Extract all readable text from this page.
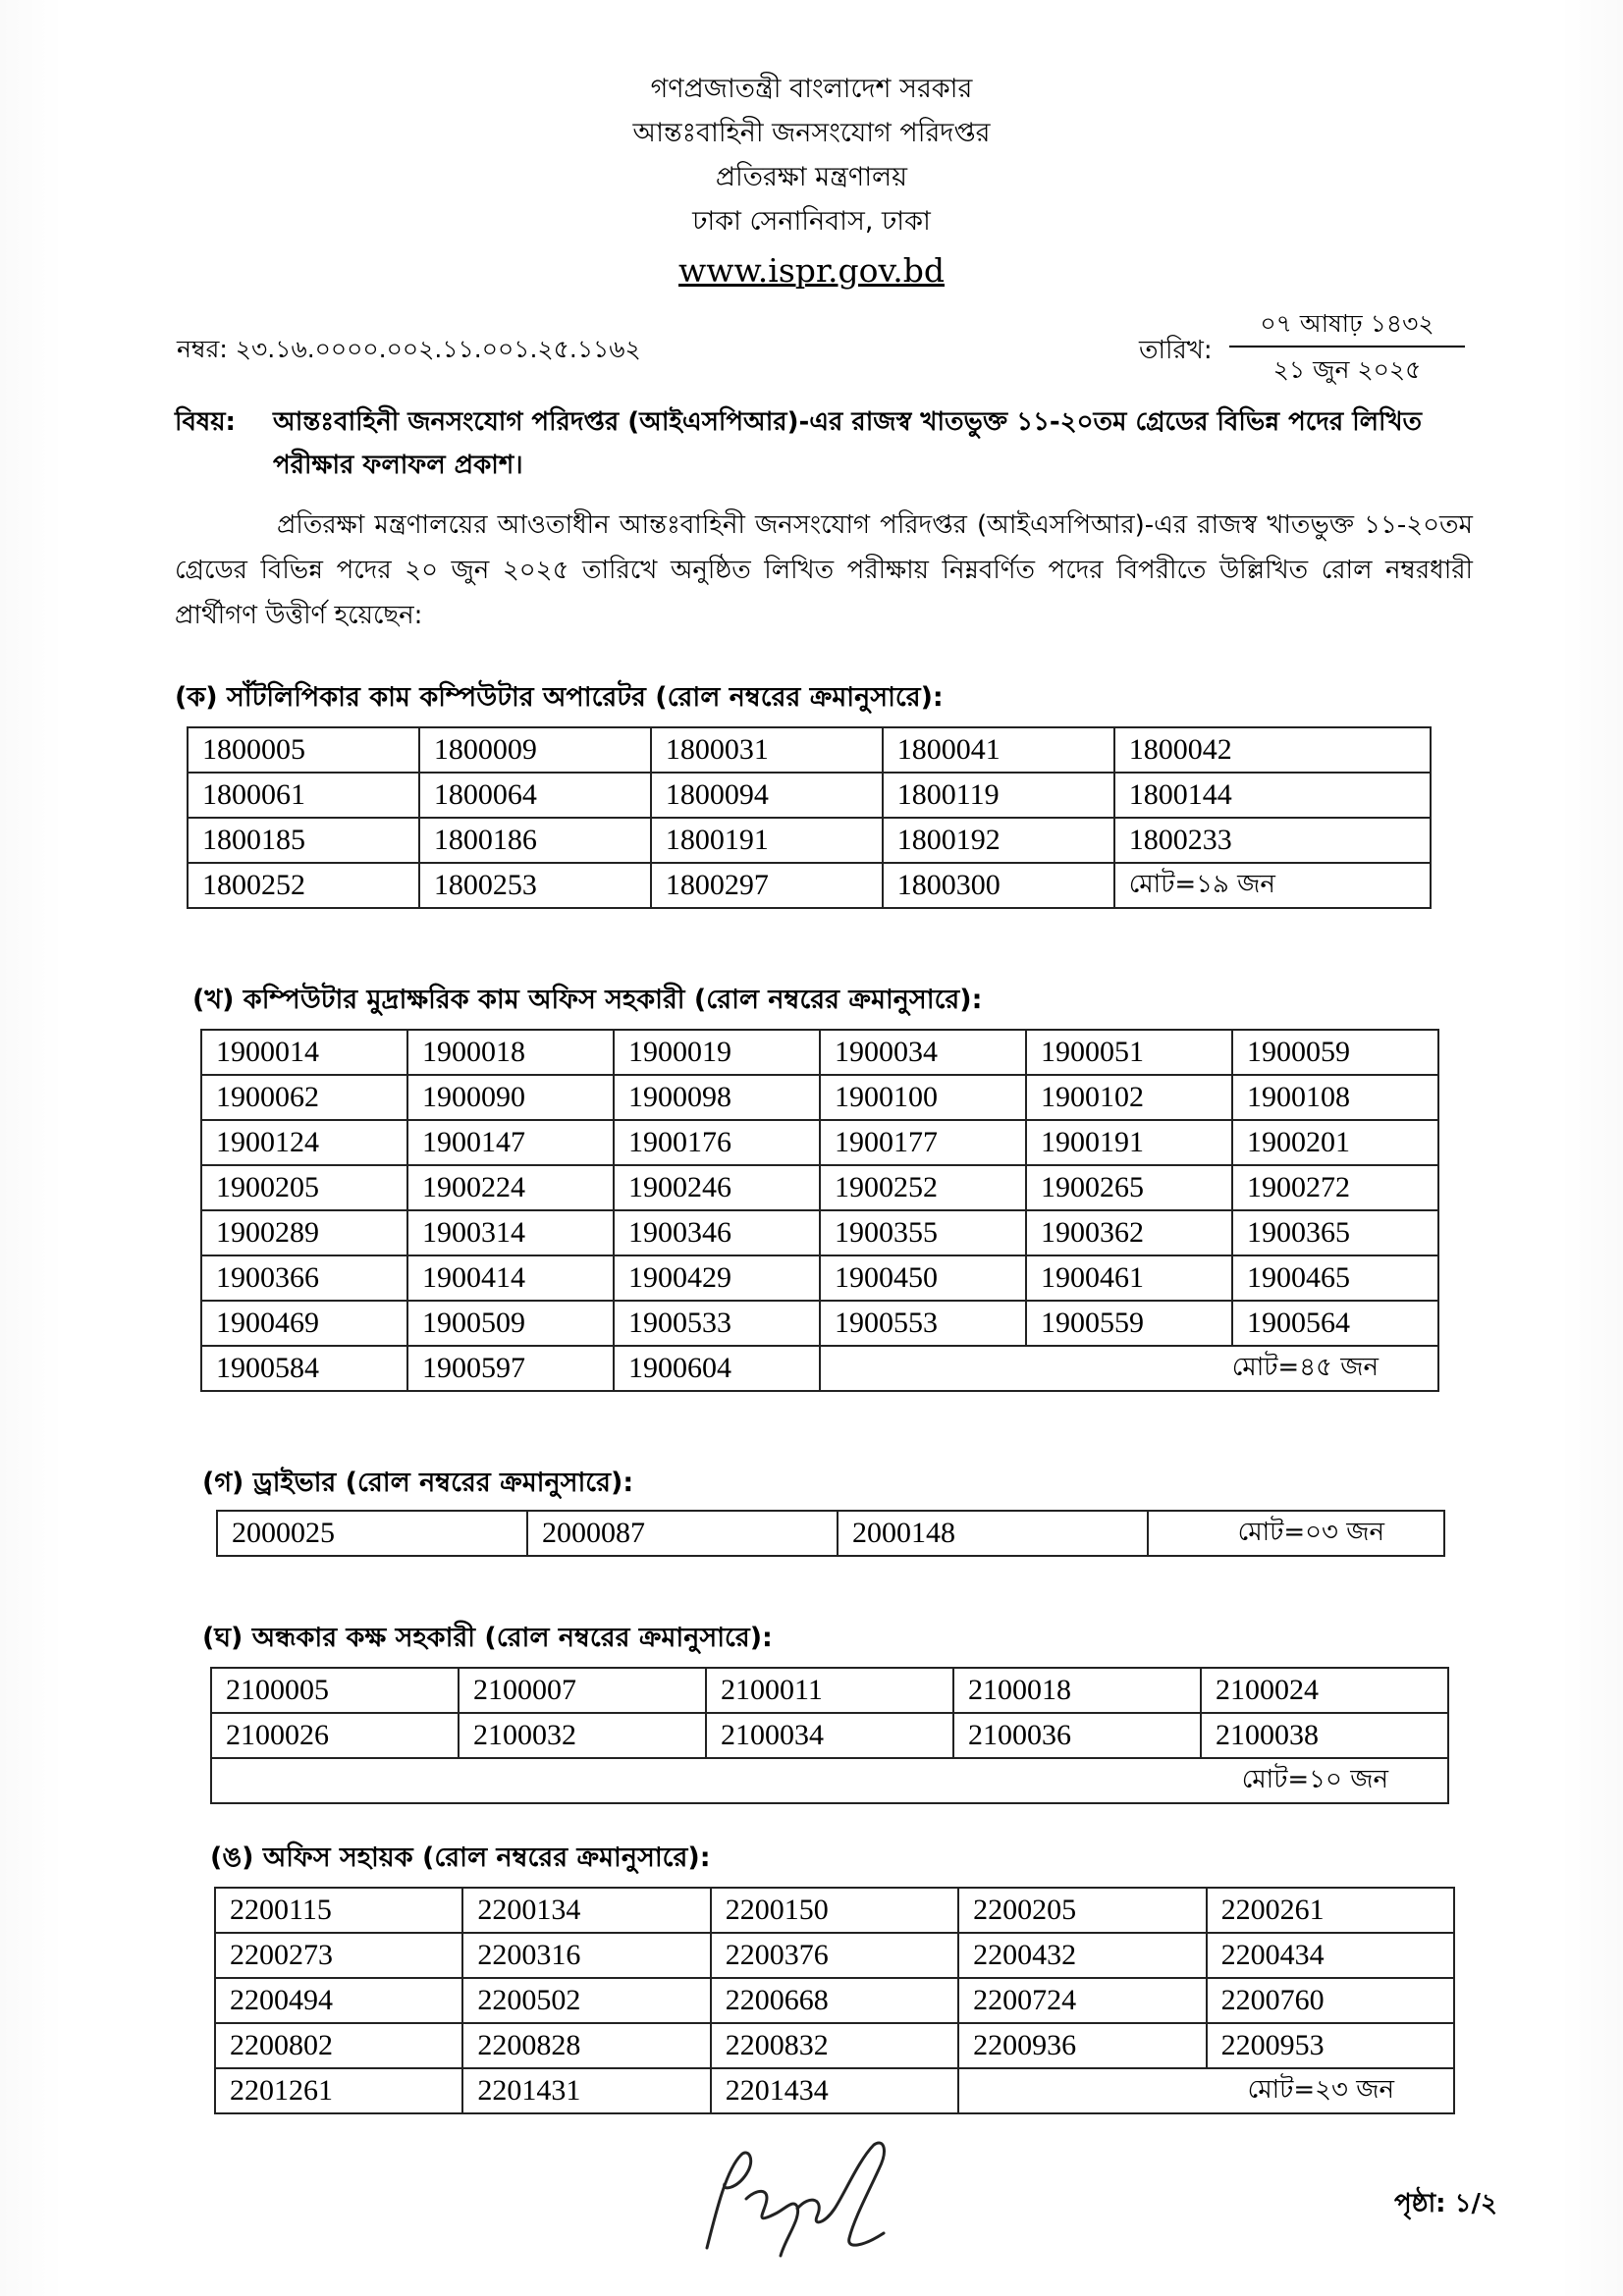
গণপ্রজাতন্ত্রী বাংলাদেশ সরকার
আন্তঃবাহিনী জনসংযোগ পরিদপ্তর
প্রতিরক্ষা মন্ত্রণালয়
ঢাকা সেনানিবাস, ঢাকা
www.ispr.gov.bd
নম্বর: ২৩.১৬.০০০০.০০২.১১.০০১.২৫.১১৬২	তারিখ:
০৭ আষাঢ় ১৪৩২
২১ জুন ২০২৫
বিষয়: আন্তঃবাহিনী জনসংযোগ পরিদপ্তর (আইএসপিআর)-এর রাজস্ব খাতভুক্ত ১১-২০তম গ্রেডের বিভিন্ন পদের লিখিত পরীক্ষার ফলাফল প্রকাশ।
প্রতিরক্ষা মন্ত্রণালয়ের আওতাধীন আন্তঃবাহিনী জনসংযোগ পরিদপ্তর (আইএসপিআর)-এর রাজস্ব খাতভুক্ত ১১-২০তম গ্রেডের বিভিন্ন পদের ২০ জুন ২০২৫ তারিখে অনুষ্ঠিত লিখিত পরীক্ষায় নিম্নবর্ণিত পদের বিপরীতে উল্লিখিত রোল নম্বরধারী প্রার্থীগণ উত্তীর্ণ হয়েছেন:
(ক) সাঁটলিপিকার কাম কম্পিউটার অপারেটর (রোল নম্বরের ক্রমানুসারে):
1800005	1800009	1800031	1800041	1800042
1800061	1800064	1800094	1800119	1800144
1800185	1800186	1800191	1800192	1800233
1800252	1800253	1800297	1800300	মোট=১৯ জন
(খ) কম্পিউটার মুদ্রাক্ষরিক কাম অফিস সহকারী (রোল নম্বরের ক্রমানুসারে):
1900014	1900018	1900019	1900034	1900051	1900059
1900062	1900090	1900098	1900100	1900102	1900108
1900124	1900147	1900176	1900177	1900191	1900201
1900205	1900224	1900246	1900252	1900265	1900272
1900289	1900314	1900346	1900355	1900362	1900365
1900366	1900414	1900429	1900450	1900461	1900465
1900469	1900509	1900533	1900553	1900559	1900564
1900584	1900597	1900604	মোট=৪৫ জন		
(গ) ড্রাইভার (রোল নম্বরের ক্রমানুসারে):
2000025	2000087	2000148	মোট=০৩ জন
(ঘ) অন্ধকার কক্ষ সহকারী (রোল নম্বরের ক্রমানুসারে):
2100005	2100007	2100011	2100018	2100024
2100026	2100032	2100034	2100036	2100038
মোট=১০ জন				
(ঙ) অফিস সহায়ক (রোল নম্বরের ক্রমানুসারে):
2200115	2200134	2200150	2200205	2200261
2200273	2200316	2200376	2200432	2200434
2200494	2200502	2200668	2200724	2200760
2200802	2200828	2200832	2200936	2200953
2201261	2201431	2201434	মোট=২৩ জন	
পৃষ্ঠা: ১/২
